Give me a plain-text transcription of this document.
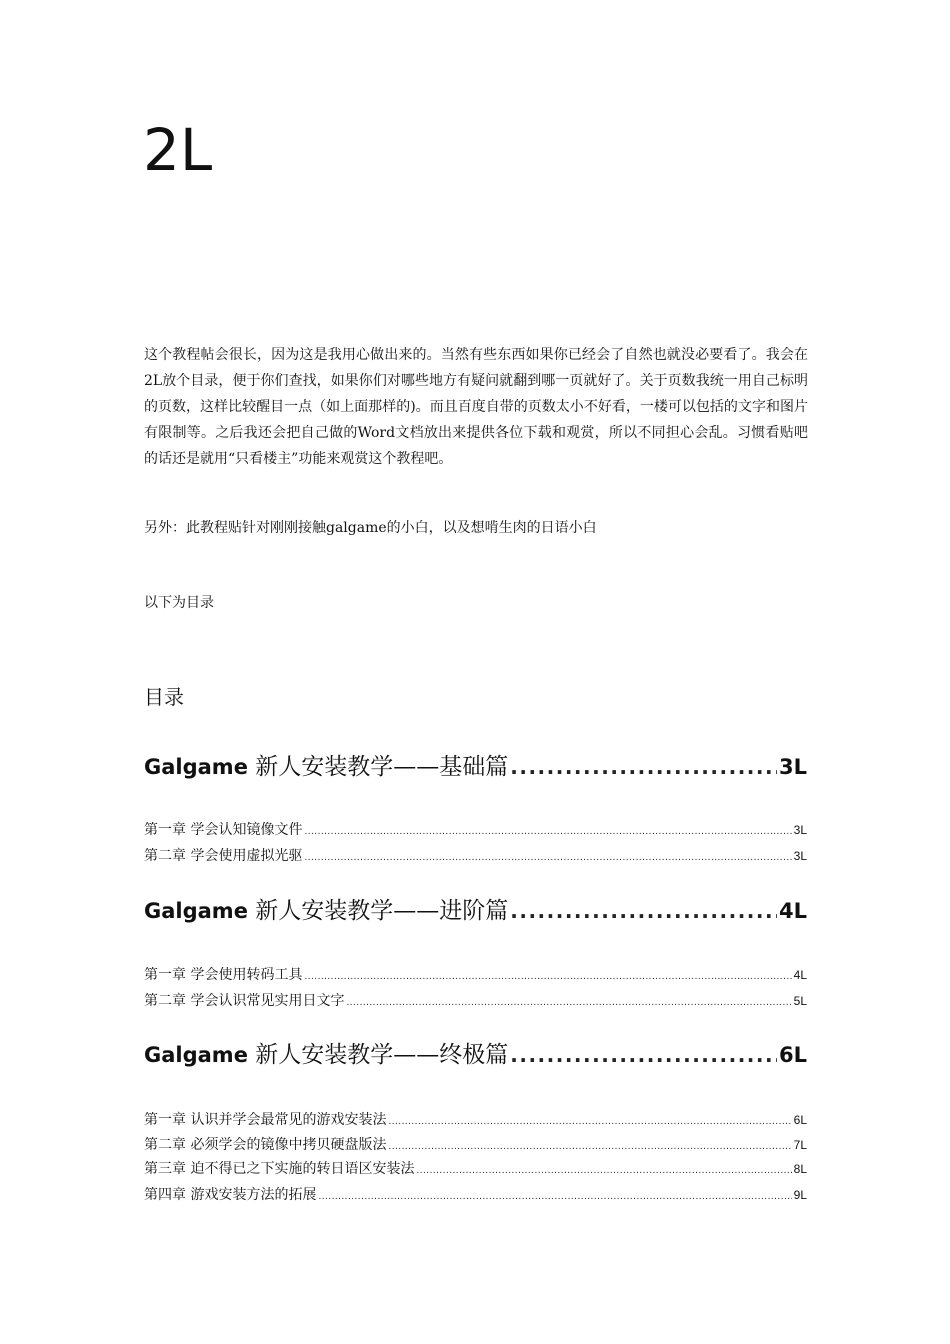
2L

这个教程帖会很长，因为这是我用心做出来的。当然有些东西如果你已经会了自然也就没必要看了。我会在2L放个目录，便于你们查找，如果你们对哪些地方有疑问就翻到哪一页就好了。关于页数我统一用自己标明的页数，这样比较醒目一点（如上面那样的)。而且百度自带的页数太小不好看，一楼可以包括的文字和图片有限制等。之后我还会把自己做的Word文档放出来提供各位下载和观赏，所以不同担心会乱。习惯看贴吧的话还是就用“只看楼主”功能来观赏这个教程吧。

另外：此教程贴针对刚刚接触galgame的小白，以及想啃生肉的日语小白

以下为目录

目录
Galgame 新人安装教学——基础篇 .....	3L
第一章 学会认知镜像文件 .....	3L
第二章 学会使用虚拟光驱 .....	3L
Galgame 新人安装教学——进阶篇 .....	4L
第一章 学会使用转码工具 .....	4L
第二章 学会认识常见实用日文字 .....	5L
Galgame 新人安装教学——终极篇 .....	6L
第一章 认识并学会最常见的游戏安装法 .....	6L
第二章 必须学会的镜像中拷贝硬盘版法 .....	7L
第三章 迫不得已之下实施的转日语区安装法 .....	8L
第四章 游戏安装方法的拓展 .....	9L
